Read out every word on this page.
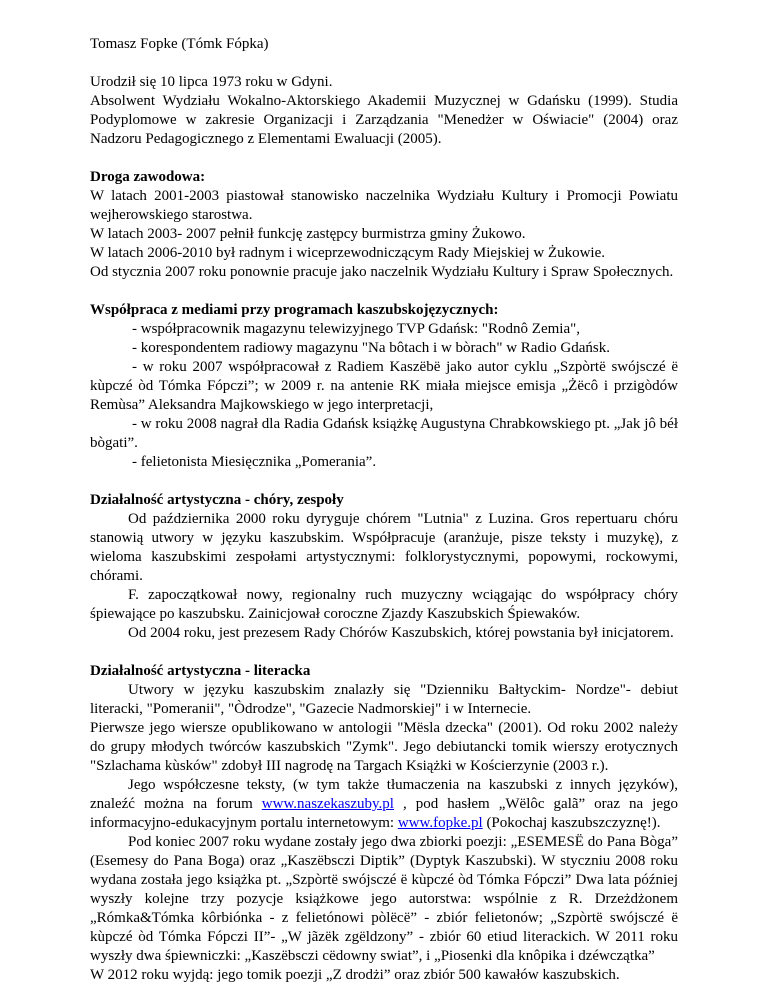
Tomasz Fopke (Tómk Fópka)

Urodził się 10 lipca 1973 roku w Gdyni.

Absolwent Wydziału Wokalno-Aktorskiego Akademii Muzycznej w Gdańsku (1999). Studia Podyplomowe w zakresie Organizacji i Zarządzania "Menedżer w Oświacie" (2004) oraz Nadzoru Pedagogicznego z Elementami Ewaluacji (2005).

Droga zawodowa:

W latach 2001-2003 piastował stanowisko naczelnika Wydziału Kultury i Promocji Powiatu wejherowskiego starostwa.

W latach 2003- 2007 pełnił funkcję zastępcy burmistrza gminy Żukowo.

W latach 2006-2010 był radnym i wiceprzewodniczącym Rady Miejskiej w Żukowie.

Od stycznia 2007 roku ponownie pracuje jako naczelnik Wydziału Kultury i Spraw Społecznych.

Współpraca z mediami przy programach kaszubskojęzycznych:

- współpracownik magazynu telewizyjnego TVP Gdańsk: "Rodnô Zemia",

- korespondentem radiowy magazynu "Na bôtach i w bòrach" w Radio Gdańsk.

- w roku 2007 współpracował z Radiem Kaszëbë jako autor cyklu „Szpòrtë swójsczé ë kùpczé òd Tómka Fópczi”; w 2009 r. na antenie RK miała miejsce emisja „Żëcô i przigòdów Remùsa” Aleksandra Majkowskiego w jego interpretacji,

- w roku 2008 nagrał dla Radia Gdańsk książkę Augustyna Chrabkowskiego pt. „Jak jô béł bògati”.

- felietonista Miesięcznika „Pomerania”.

Działalność artystyczna - chóry, zespoły

Od października 2000 roku dyryguje chórem "Lutnia" z Luzina. Gros repertuaru chóru stanowią utwory w języku kaszubskim. Współpracuje (aranżuje, pisze teksty i muzykę), z wieloma kaszubskimi zespołami artystycznymi: folklorystycznymi, popowymi, rockowymi, chórami.

F. zapoczątkował nowy, regionalny ruch muzyczny wciągając do współpracy chóry śpiewające po kaszubsku. Zainicjował coroczne Zjazdy Kaszubskich Śpiewaków.

Od 2004 roku, jest prezesem Rady Chórów Kaszubskich, której powstania był inicjatorem.

Działalność artystyczna - literacka

Utwory w języku kaszubskim znalazły się "Dzienniku Bałtyckim- Nordze"- debiut literacki, "Pomeranii", "Òdrodze", "Gazecie Nadmorskiej" i w Internecie.

Pierwsze jego wiersze opublikowano w antologii "Mësla dzecka" (2001). Od roku 2002 należy do grupy młodych twórców kaszubskich "Zymk". Jego debiutancki tomik wierszy erotycznych "Szlachama kùsków" zdobył III nagrodę na Targach Książki w Kościerzynie (2003 r.).

Jego współczesne teksty, (w tym także tłumaczenia na kaszubski z innych języków), znaleźć można na forum www.naszekaszuby.pl , pod hasłem „Wëlôc galã” oraz na jego informacyjno-edukacyjnym portalu internetowym: www.fopke.pl (Pokochaj kaszubszczyznę!).

Pod koniec 2007 roku wydane zostały jego dwa zbiorki poezji: „ESEMESË do Pana Bòga” (Esemesy do Pana Boga) oraz „Kaszëbsczi Diptik” (Dyptyk Kaszubski). W styczniu 2008 roku wydana została jego książka pt. „Szpòrtë swójsczé ë kùpczé òd Tómka Fópczi” Dwa lata później wyszły kolejne trzy pozycje książkowe jego autorstwa: wspólnie z R. Drzeżdżonem „Rómka&Tómka kôrbiónka - z felietónowi pòlëcë” - zbiór felietonów; „Szpòrtë swójsczé ë kùpczé òd Tómka Fópczi II”- „W jãzëk zgëldzony” - zbiór 60 etiud literackich. W 2011 roku wyszły dwa śpiewniczki: „Kaszëbsczi cëdowny swiat”, i „Piosenki dla knôpika i dzéwczątka”

W 2012 roku wyjdą: jego tomik poezji „Z drodżi” oraz zbiór 500 kawałów kaszubskich.
